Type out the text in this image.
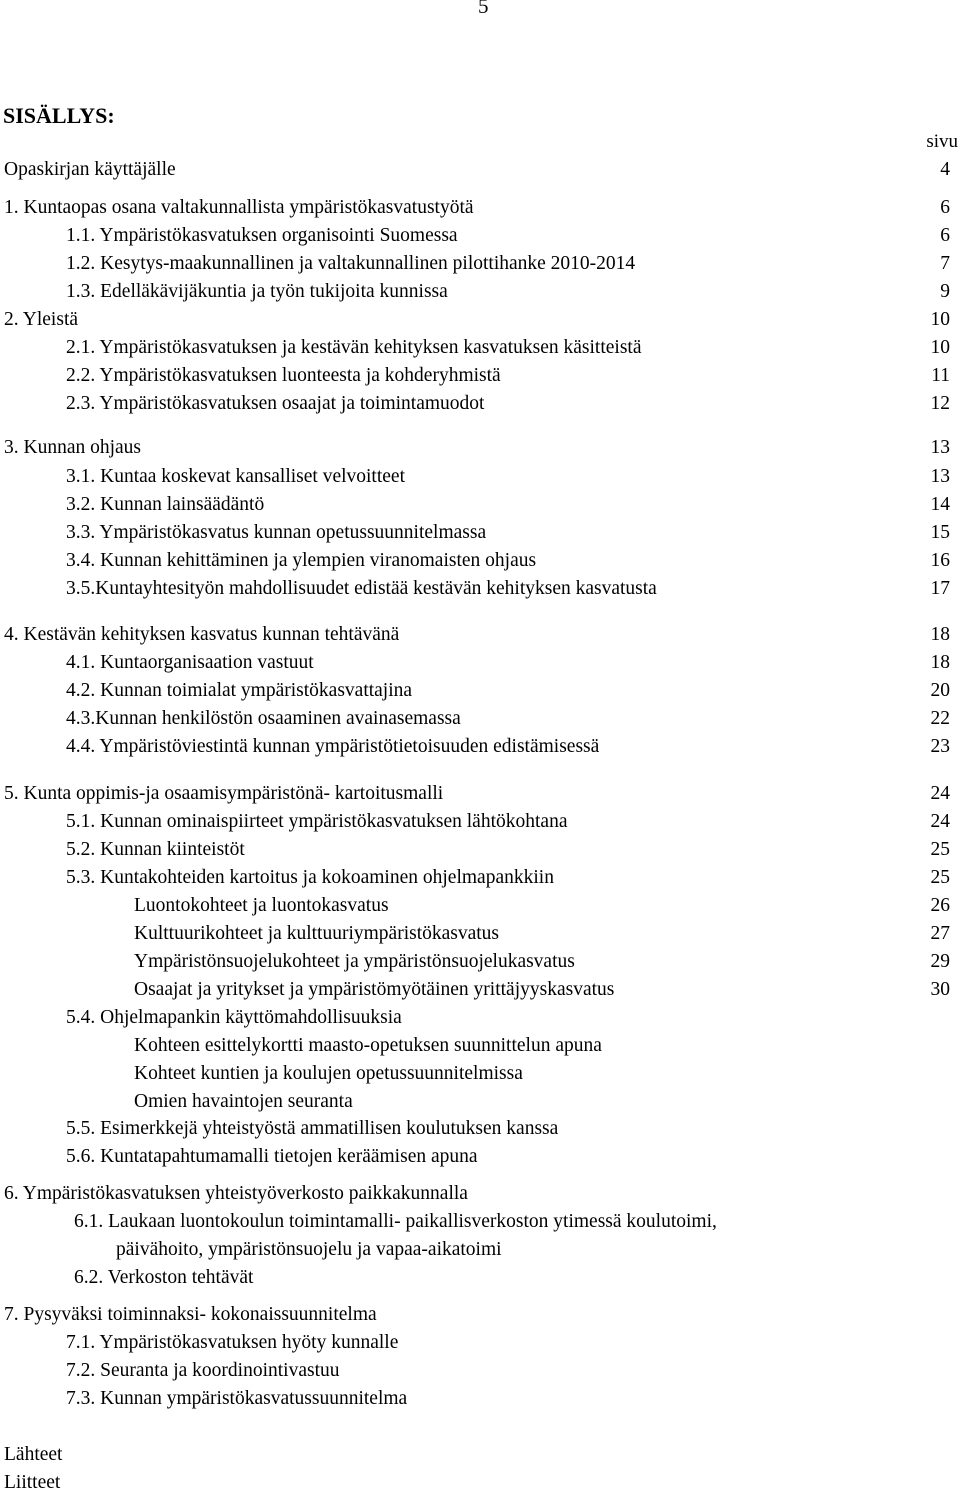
5
SISÄLLYS:
sivu
Opaskirjan käyttäjälle	4
1. Kuntaopas osana valtakunnallista ympäristökasvatustyötä	6
1.1. Ympäristökasvatuksen organisointi Suomessa	6
1.2. Kesytys-maakunnallinen ja valtakunnallinen pilottihanke 2010-2014	7
1.3. Edelläkävijäkuntia ja työn tukijoita kunnissa	9
2. Yleistä	10
2.1. Ympäristökasvatuksen ja kestävän kehityksen kasvatuksen käsitteistä	10
2.2. Ympäristökasvatuksen luonteesta ja kohderyhmistä	11
2.3. Ympäristökasvatuksen osaajat ja toimintamuodot	12
3. Kunnan ohjaus	13
3.1. Kuntaa koskevat kansalliset velvoitteet	13
3.2. Kunnan lainsäädäntö	14
3.3. Ympäristökasvatus kunnan opetussuunnitelmassa	15
3.4. Kunnan kehittäminen ja ylempien viranomaisten ohjaus	16
3.5.Kuntayhtesityön mahdollisuudet edistää kestävän kehityksen kasvatusta	17
4. Kestävän kehityksen kasvatus kunnan tehtävänä	18
4.1. Kuntaorganisaation vastuut	18
4.2. Kunnan toimialat ympäristökasvattajina	20
4.3.Kunnan henkilöstön osaaminen avainasemassa	22
4.4. Ympäristöviestintä kunnan ympäristötietoisuuden edistämisessä	23
5. Kunta oppimis-ja osaamisympäristönä- kartoitusmalli	24
5.1. Kunnan ominaispiirteet ympäristökasvatuksen lähtökohtana	24
5.2. Kunnan kiinteistöt	25
5.3. Kuntakohteiden kartoitus ja kokoaminen ohjelmapankkiin	25
Luontokohteet ja luontokasvatus	26
Kulttuurikohteet ja kulttuuriympäristökasvatus	27
Ympäristönsuojelukohteet ja ympäristönsuojelukasvatus	29
Osaajat ja yritykset ja ympäristömyötäinen yrittäjyyskasvatus	30
5.4. Ohjelmapankin käyttömahdollisuuksia
Kohteen esittelykortti maasto-opetuksen suunnittelun apuna
Kohteet kuntien ja koulujen opetussuunnitelmissa
Omien havaintojen seuranta
5.5. Esimerkkejä yhteistyöstä ammatillisen koulutuksen kanssa
5.6. Kuntatapahtumamalli tietojen keräämisen apuna
6. Ympäristökasvatuksen yhteistyöverkosto paikkakunnalla
6.1. Laukaan luontokoulun toimintamalli- paikallisverkoston ytimessä koulutoimi,
päivähoito, ympäristönsuojelu ja vapaa-aikatoimi
6.2. Verkoston tehtävät
7. Pysyväksi toiminnaksi- kokonaissuunnitelma
7.1. Ympäristökasvatuksen hyöty kunnalle
7.2. Seuranta ja koordinointivastuu
7.3. Kunnan ympäristökasvatussuunnitelma
Lähteet
Liitteet
